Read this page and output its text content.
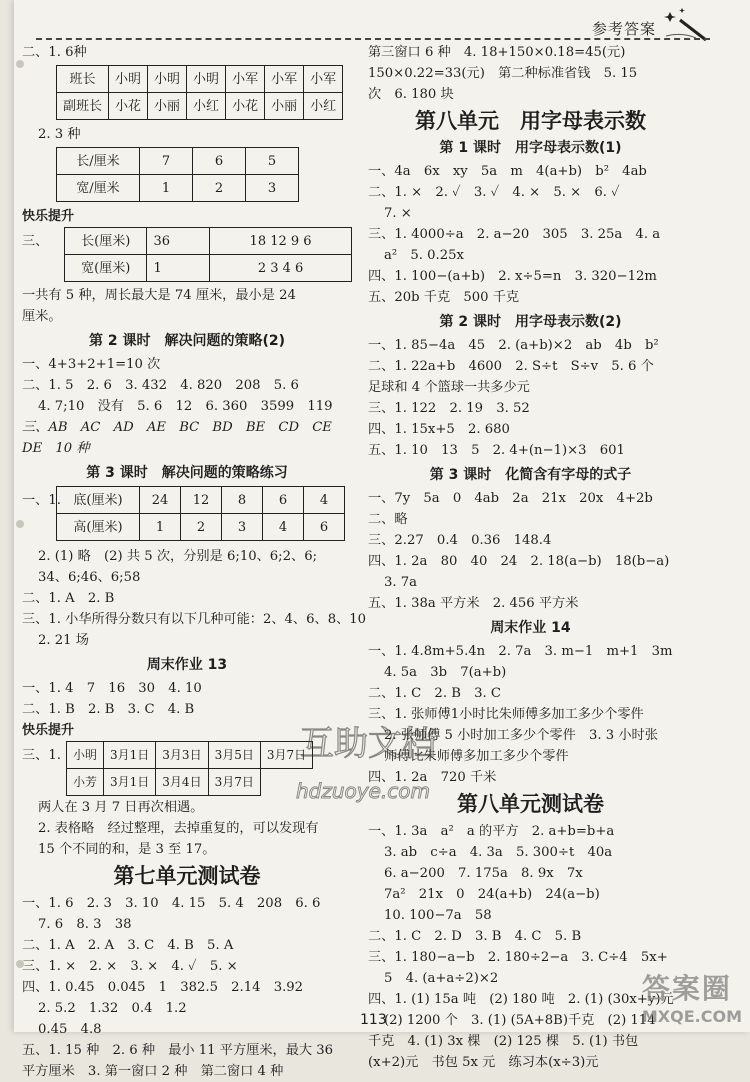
参考答案
二、1. 6种
班长	小明	小明	小明	小军	小军	小军
副班长	小花	小丽	小红	小花	小丽	小红
2. 3 种
长/厘米	7	6	5
宽/厘米	1	2	3
快乐提升
三、	长(厘米)	36	18 12 9 6
宽(厘米)	1	2 3 4 6
一共有 5 种，周长最大是 74 厘米，最小是 24
厘米。
第 2 课时　解决问题的策略(2)
一、4+3+2+1=10 次
二、1. 5　2. 6　3. 432　4. 820　208　5. 6
4. 7;10　没有　5. 6　12　6. 360　3599　119
三、AB　AC　AD　AE　BC　BD　BE　CD　CE
DE　10 种
第 3 课时　解决问题的策略练习
一、1. 底(厘米)	24	12	8	6	4
高(厘米)	1	2	3	4	6
2. (1) 略　(2) 共 5 次，分别是 6;10、6;2、6;
34、6;46、6;58
二、1. A　2. B
三、1. 小华所得分数只有以下几种可能：2、4、6、8、10
2. 21 场
周末作业 13
一、1. 4　7　16　30　4. 10
二、1. B　2. B　3. C　4. B
快乐提升
三、1. 小明	3月1日	3月3日	3月5日	3月7日
小芳	3月1日	3月4日	3月7日	
两人在 3 月 7 日再次相遇。
2. 表格略　经过整理，去掉重复的，可以发现有
15 个不同的和，是 3 至 17。
第七单元测试卷
一、1. 6　2. 3　3. 10　4. 15　5. 4　208　6. 6
7. 6　8. 3　38
二、1. A　2. A　3. C　4. B　5. A
三、1. ×　2. ×　3. ×　4. ✓　5. ×
四、1. 0.45　0.045　1　382.5　2.14　3.92
2. 5.2　1.32　0.4　1.2
0.45　4.8
五、1. 15 种　2. 6 种　最小 11 平方厘米，最大 36
平方厘米　3. 第一窗口 2 种　第二窗口 4 种
第三窗口 6 种　4. 18+150×0.18=45(元)
150×0.22=33(元)　第二种标准省钱　5. 15
次　6. 180 块
第八单元　用字母表示数
第 1 课时　用字母表示数(1)
一、4a　6x　xy　5a　m　4(a+b)　b²　4ab
二、1. ×　2. ✓　3. ✓　4. ×　5. ×　6. ✓
7. ×
三、1. 4000÷a　2. a−20　305　3. 25a　4. a
a²　5. 0.25x
四、1. 100−(a+b)　2. x÷5=n　3. 320−12m
五、20b 千克　500 千克
第 2 课时　用字母表示数(2)
一、1. 85−4a　45　2. (a+b)×2　ab　4b　b²
二、1. 22a+b　4600　2. S÷t　S÷v　5. 6 个
足球和 4 个篮球一共多少元
三、1. 122　2. 19　3. 52
四、1. 15x+5　2. 680
五、1. 10　13　5　2. 4+(n−1)×3　601
第 3 课时　化简含有字母的式子
一、7y　5a　0　4ab　2a　21x　20x　4+2b
二、略
三、2.27　0.4　0.36　148.4
四、1. 2a　80　40　24　2. 18(a−b)　18(b−a)
3. 7a
五、1. 38a 平方米　2. 456 平方米
周末作业 14
一、1. 4.8m+5.4n　2. 7a　3. m−1　m+1　3m
4. 5a　3b　7(a+b)
二、1. C　2. B　3. C
三、1. 张师傅1小时比朱师傅多加工多少个零件
2. 张师傅 5 小时加工多少个零件　3. 3 小时张
师傅比朱师傅多加工多少个零件
四、1. 2a　720 千米
第八单元测试卷
一、1. 3a　a²　a 的平方　2. a+b=b+a
3. ab　c÷a　4. 3a　5. 300÷t　40a
6. a−200　7. 175a　8. 9x　7x
7a²　21x　0　24(a+b)　24(a−b)
10. 100−7a　58
二、1. C　2. D　3. B　4. C　5. B
三、1. 180−a−b　2. 180÷2−a　3. C÷4　5x+
5　4. (a+a÷2)×2
四、1. (1) 15a 吨　(2) 180 吨　2. (1) (30x+y)元
(2) 1200 个　3. (1) (5A+8B)千克　(2) 114
千克　4. (1) 3x 棵　(2) 125 棵　5. (1) 书包
(x+2)元　书包 5x 元　练习本(x÷3)元
互助文档
hdzuoye.com
答案圈
MXQE.COM
113
